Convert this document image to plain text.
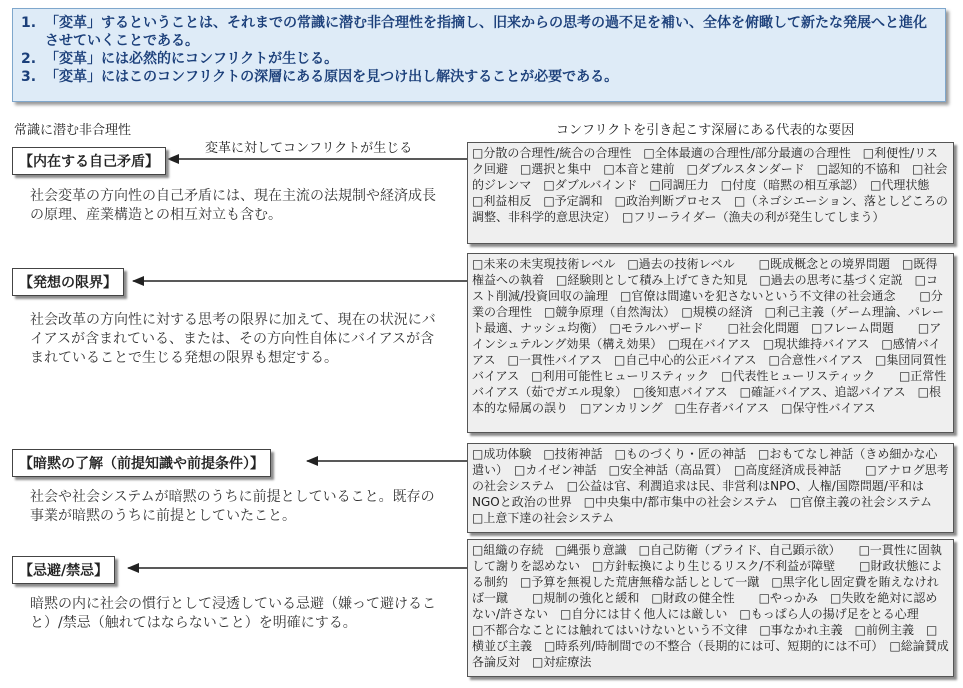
1. 「変革」するということは、それまでの常識に潜む非合理性を指摘し、旧来からの思考の過不足を補い、全体を俯瞰して新たな発展へと進化させていくことである。
2. 「変革」には必然的にコンフリクトが生じる。
3. 「変革」にはこのコンフリクトの深層にある原因を見つけ出し解決することが必要である。
常識に潜む非合理性	コンフリクトを引き起こす深層にある代表的な要因
変革に対してコンフリクトが生じる
【内在する自己矛盾】
社会変革の方向性の自己矛盾には、現在主流の法規制や経済成長の原理、産業構造との相互対立も含む。
□分散の合理性/統合の合理性　□全体最適の合理性/部分最適の合理性　□利便性/リスク回避　□選択と集中　□本音と建前　□ダブルスタンダード　□認知的不協和　□社会的ジレンマ　□ダブルバインド　□同調圧力　□付度（暗黙の相互承認）　□代理状態　　□利益相反　□予定調和　□政治判断プロセス　□（ネゴシエーション、落としどころの調整、非科学的意思決定）　□フリーライダー（漁夫の利が発生してしまう）
【発想の限界】
社会改革の方向性に対する思考の限界に加えて、現在の状況にバイアスが含まれている、または、その方向性自体にバイアスが含まれていることで生じる発想の限界も想定する。
□未来の未実現技術レベル　□過去の技術レベル　　□既成概念との境界問題　□既得権益への執着　□経験則として積み上げてきた知見　□過去の思考に基づく定説　□コスト削減/投資回収の論理　□官僚は間違いを犯さないという不文律の社会通念　　□分業の合理性　□競争原理（自然淘汰）　□規模の経済　□利己主義（ゲーム理論、パレート最適、ナッシュ均衡）　□モラルハザード　　□社会化問題　□フレーム問題　　□アインシュテルング効果（構え効果）　□現在バイアス　□現状維持バイアス　□感情バイアス　□一貫性バイアス　□自己中心的公正バイアス　□合意性バイアス　□集団同質性バイアス　□利用可能性ヒューリスティック　□代表性ヒューリスティック　　□正常性バイアス（茹でガエル現象）　□後知恵バイアス　□確証バイアス、追認バイアス　□根本的な帰属の誤り　□アンカリング　□生存者バイアス　□保守性バイアス
【暗黙の了解（前提知識や前提条件）】
社会や社会システムが暗黙のうちに前提としていること。既存の事業が暗黙のうちに前提としていたこと。
□成功体験　□技術神話　□ものづくり・匠の神話　□おもてなし神話（きめ細かな心遣い）　□カイゼン神話　□安全神話（高品質）　□高度経済成長神話　　□アナログ思考の社会システム　□公益は官、利潤追求は民、非営利はNPO、人権/国際問題/平和はNGOと政治の世界　□中央集中/都市集中の社会システム　□官僚主義の社会システム　□上意下達の社会システム
【忌避/禁忌】
暗黙の内に社会の慣行として浸透している忌避（嫌って避けること）/禁忌（触れてはならないこと）を明確にする。
□組織の存続　□縄張り意識　□自己防衛（プライド、自己顕示欲）　　□一貫性に固執して謝りを認めない　□方針転換により生じるリスク/不利益が障壁　　□財政状態による制約　□予算を無視した荒唐無稽な話しとして一蹴　□黒字化し固定費を賄えなければ一蹴　　□規制の強化と緩和　□財政の健全性　　□やっかみ　□失敗を絶対に認めない/許さない　□自分には甘く他人には厳しい　□もっぱら人の揚げ足をとる心理　　□不都合なことには触れてはいけないという不文律　□事なかれ主義　□前例主義　□横並び主義　□時系列/時制間での不整合（長期的には可、短期的には不可）　□総論賛成各論反対　□対症療法
